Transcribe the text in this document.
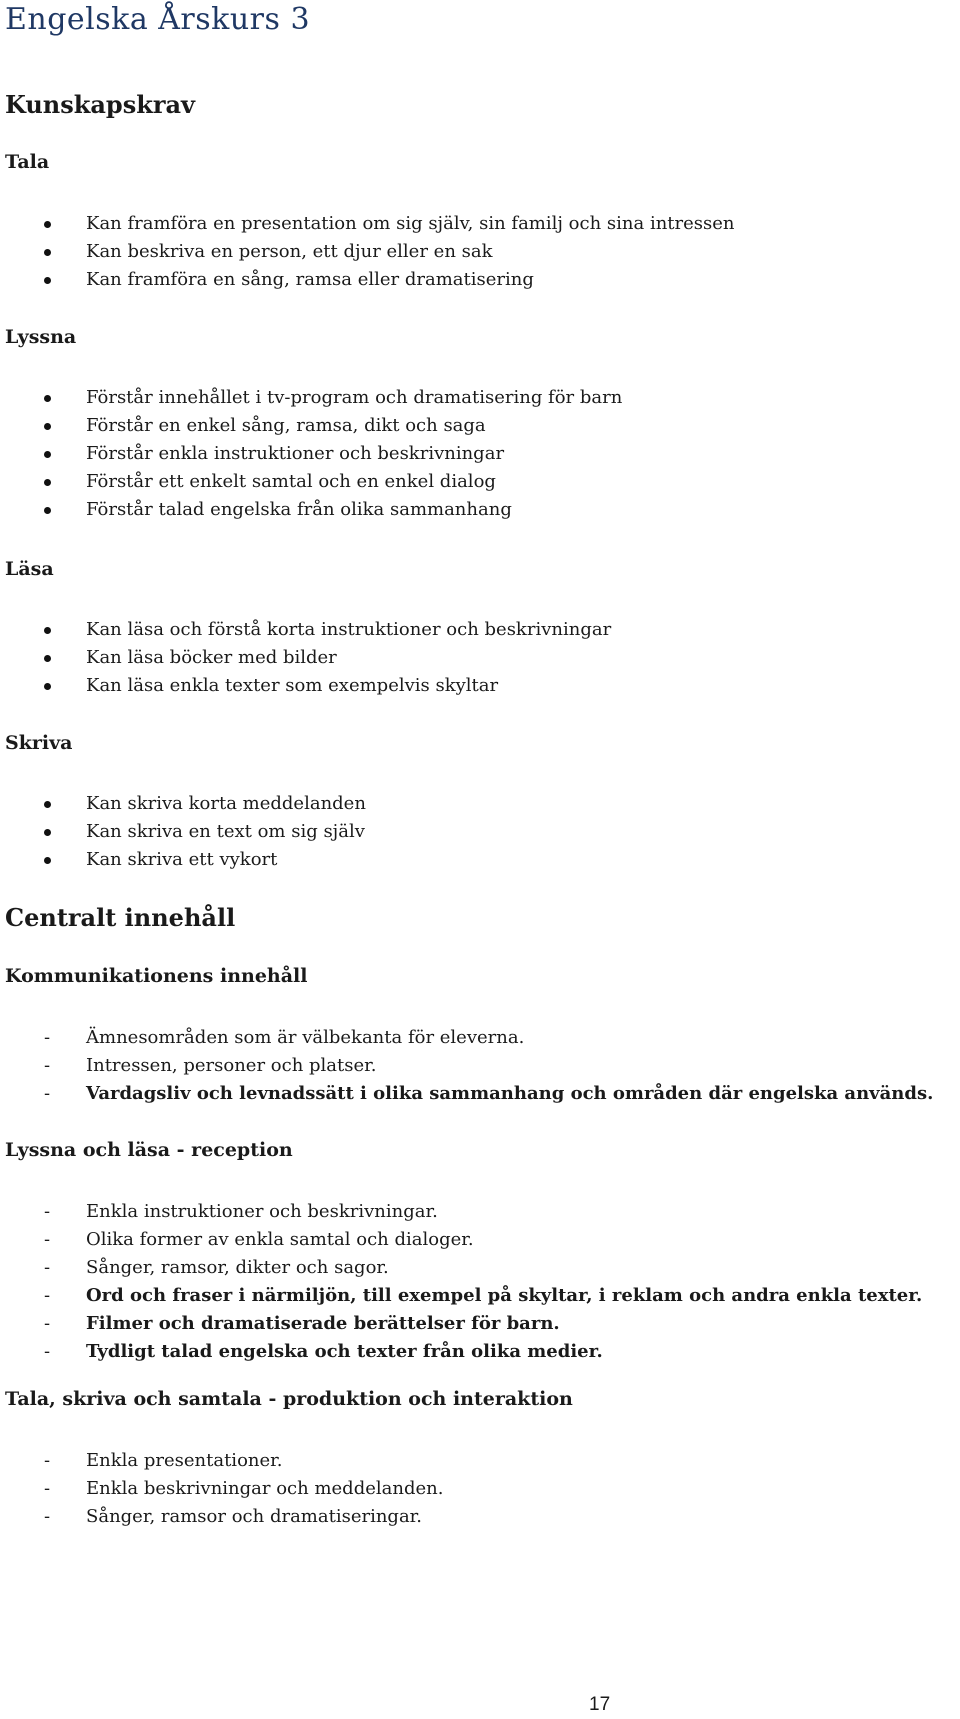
Engelska Årskurs 3
Kunskapskrav
Tala
Kan framföra en presentation om sig själv, sin familj och sina intressen
Kan beskriva en person, ett djur eller en sak
Kan framföra en sång, ramsa eller dramatisering
Lyssna
Förstår innehållet i tv-program och dramatisering för barn
Förstår en enkel sång, ramsa, dikt och saga
Förstår enkla instruktioner och beskrivningar
Förstår ett enkelt samtal och en enkel dialog
Förstår talad engelska från olika sammanhang
Läsa
Kan läsa och förstå korta instruktioner och beskrivningar
Kan läsa böcker med bilder
Kan läsa enkla texter som exempelvis skyltar
Skriva
Kan skriva korta meddelanden
Kan skriva en text om sig själv
Kan skriva ett vykort
Centralt innehåll
Kommunikationens innehåll
Ämnesområden som är välbekanta för eleverna.
Intressen, personer och platser.
Vardagsliv och levnadssätt i olika sammanhang och områden där engelska används.
Lyssna och läsa - reception
Enkla instruktioner och beskrivningar.
Olika former av enkla samtal och dialoger.
Sånger, ramsor, dikter och sagor.
Ord och fraser i närmiljön, till exempel på skyltar, i reklam och andra enkla texter.
Filmer och dramatiserade berättelser för barn.
Tydligt talad engelska och texter från olika medier.
Tala, skriva och samtala - produktion och interaktion
Enkla presentationer.
Enkla beskrivningar och meddelanden.
Sånger, ramsor och dramatiseringar.
17
